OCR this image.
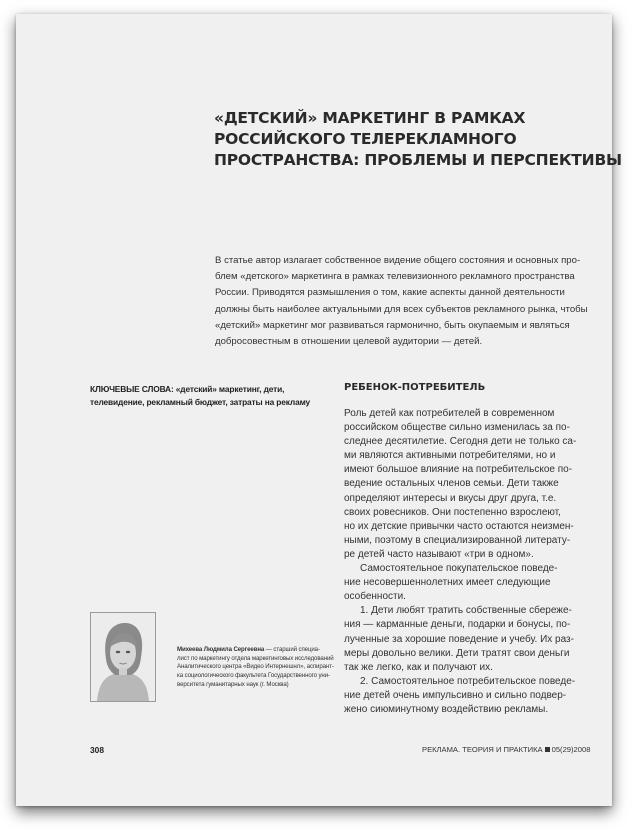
«ДЕТСКИЙ» МАРКЕТИНГ В РАМКАХ
РОССИЙСКОГО ТЕЛЕРЕКЛАМНОГО
ПРОСТРАНСТВА: ПРОБЛЕМЫ И ПЕРСПЕКТИВЫ
В статье автор излагает собственное видение общего состояния и основных про-
блем «детского» маркетинга в рамках телевизионного рекламного пространства
России. Приводятся размышления о том, какие аспекты данной деятельности
должны быть наиболее актуальными для всех субъектов рекламного рынка, чтобы
«детский» маркетинг мог развиваться гармонично, быть окупаемым и являться
добросовестным в отношении целевой аудитории — детей.
КЛЮЧЕВЫЕ СЛОВА: «детский» маркетинг, дети, телевидение, рекламный бюджет, затраты на рекламу
РЕБЕНОК-ПОТРЕБИТЕЛЬ
Роль детей как потребителей в современном
российском обществе сильно изменилась за по-
следнее десятилетие. Сегодня дети не только са-
ми являются активными потребителями, но и
имеют большое влияние на потребительское по-
ведение остальных членов семьи. Дети также
определяют интересы и вкусы друг друга, т.е.
своих ровесников. Они постепенно взрослеют,
но их детские привычки часто остаются неизмен-
ными, поэтому в специализированной литерату-
ре детей часто называют «три в одном».
Самостоятельное покупательское поведе-
ние несовершеннолетних имеет следующие
особенности.
1. Дети любят тратить собственные сбереже-
ния — карманные деньги, подарки и бонусы, по-
лученные за хорошие поведение и учебу. Их раз-
меры довольно велики. Дети тратят свои деньги
так же легко, как и получают их.
2. Самостоятельное потребительское поведе-
ние детей очень импульсивно и сильно подвер-
жено сиюминутному воздействию рекламы.
Михеева Людмила Сергеевна — старший специа-
лист по маркетингу отдела маркетинговых исследований
Аналитического центра «Видео Интернешнл», аспирант-
ка социологического факультета Государственного уни-
верситета гуманитарных наук (г. Москва)
308	РЕКЛАМА. ТЕОРИЯ И ПРАКТИКА 05(29)2008
